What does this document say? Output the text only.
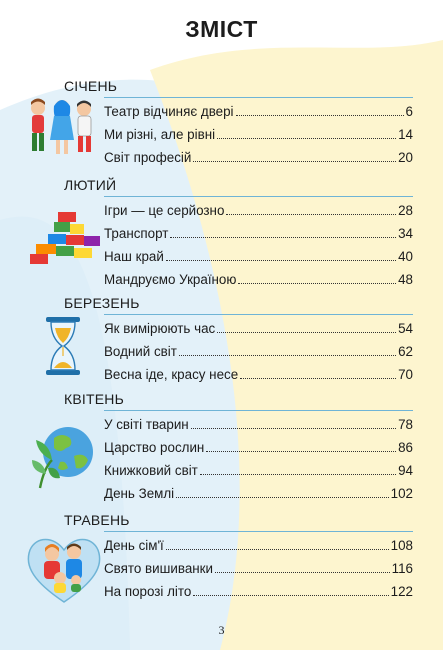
ЗМІСТ
СІЧЕНЬ
Театр відчиняє двері	6
Ми різні, але рівні	14
Світ професій	20
ЛЮТИЙ
Ігри — це серйозно	28
Транспорт	34
Наш край	40
Мандруємо Україною	48
БЕРЕЗЕНЬ
Як вимірюють час	54
Водний світ	62
Весна іде, красу несе	70
КВІТЕНЬ
У світі тварин	78
Царство рослин	86
Книжковий світ	94
День Землі	102
ТРАВЕНЬ
День сім'ї	108
Свято вишиванки	116
На порозі літо	122
3
